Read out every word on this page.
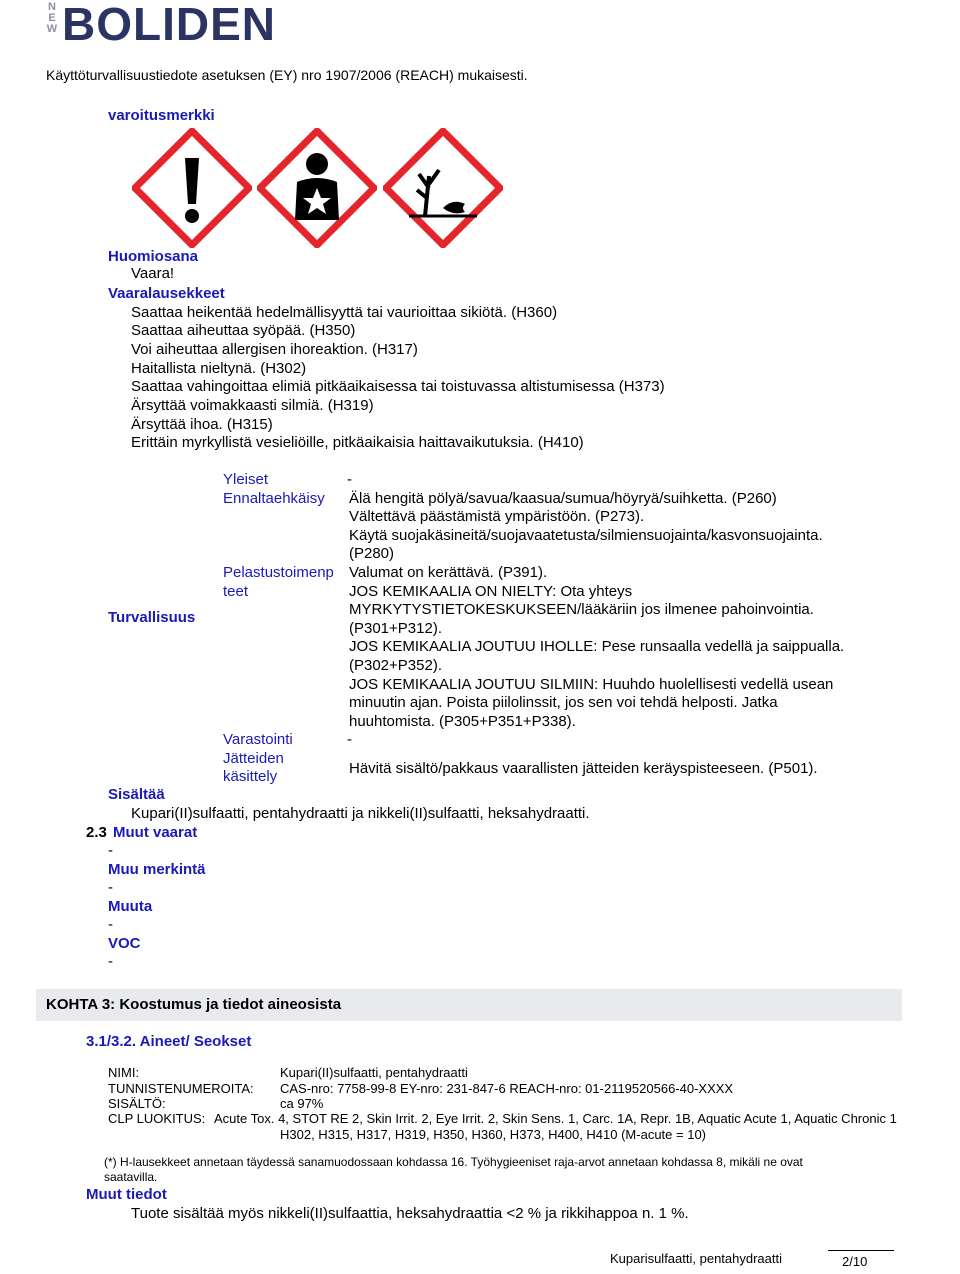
N
E
W BOLIDEN
Käyttöturvallisuustiedote asetuksen (EY) nro 1907/2006 (REACH) mukaisesti.
varoitusmerkki
Huomiosana
Vaara!
Vaaralausekkeet
Saattaa heikentää hedelmällisyyttä tai vaurioittaa sikiötä. (H360)
Saattaa aiheuttaa syöpää. (H350)
Voi aiheuttaa allergisen ihoreaktion. (H317)
Haitallista nieltynä. (H302)
Saattaa vahingoittaa elimiä pitkäaikaisessa tai toistuvassa altistumisessa (H373)
Ärsyttää voimakkaasti silmiä. (H319)
Ärsyttää ihoa. (H315)
Erittäin myrkyllistä vesieliöille, pitkäaikaisia haittavaikutuksia. (H410)
Turvallisuus
Yleiset	-
Ennaltaehkäisy Älä hengitä pölyä/savua/kaasua/sumua/höyryä/suihketta. (P260)
Vältettävä päästämistä ympäristöön. (P273).
Käytä suojakäsineitä/suojavaatetusta/silmiensuojainta/kasvonsuojainta.
(P280)
Pelastustoimenp
teet
Valumat on kerättävä. (P391).
JOS KEMIKAALIA ON NIELTY: Ota yhteys
MYRKYTYSTIETOKESKUKSEEN/lääkäriin jos ilmenee pahoinvointia.
(P301+P312).
JOS KEMIKAALIA JOUTUU IHOLLE: Pese runsaalla vedellä ja saippualla.
(P302+P352).
JOS KEMIKAALIA JOUTUU SILMIIN: Huuhdo huolellisesti vedellä usean
minuutin ajan. Poista piilolinssit, jos sen voi tehdä helposti. Jatka
huuhtomista. (P305+P351+P338).
Varastointi	-
Jätteiden
käsittely	Hävitä sisältö/pakkaus vaarallisten jätteiden keräyspisteeseen. (P501).
Sisältää
Kupari(II)sulfaatti, pentahydraatti ja nikkeli(II)sulfaatti, heksahydraatti.
2.3 Muut vaarat
-
Muu merkintä
-
Muuta
-
VOC
-
KOHTA 3: Koostumus ja tiedot aineosista
3.1/3.2. Aineet/ Seokset
NIMI:	Kupari(II)sulfaatti, pentahydraatti
TUNNISTENUMEROITA: CAS-nro: 7758-99-8 EY-nro: 231-847-6 REACH-nro: 01-2119520566-40-XXXX
SISÄLTÖ:	ca 97%
CLP LUOKITUS: Acute Tox. 4, STOT RE 2, Skin Irrit. 2, Eye Irrit. 2, Skin Sens. 1, Carc. 1A, Repr. 1B, Aquatic Acute 1, Aquatic Chronic 1
H302, H315, H317, H319, H350, H360, H373, H400, H410 (M-acute = 10)
(*) H-lausekkeet annetaan täydessä sanamuodossaan kohdassa 16. Työhygieeniset raja-arvot annetaan kohdassa 8, mikäli ne ovat
saatavilla.
Muut tiedot
Tuote sisältää myös nikkeli(II)sulfaattia, heksahydraattia <2 % ja rikkihappoa n. 1 %.
Kuparisulfaatti, pentahydraatti	2/10
